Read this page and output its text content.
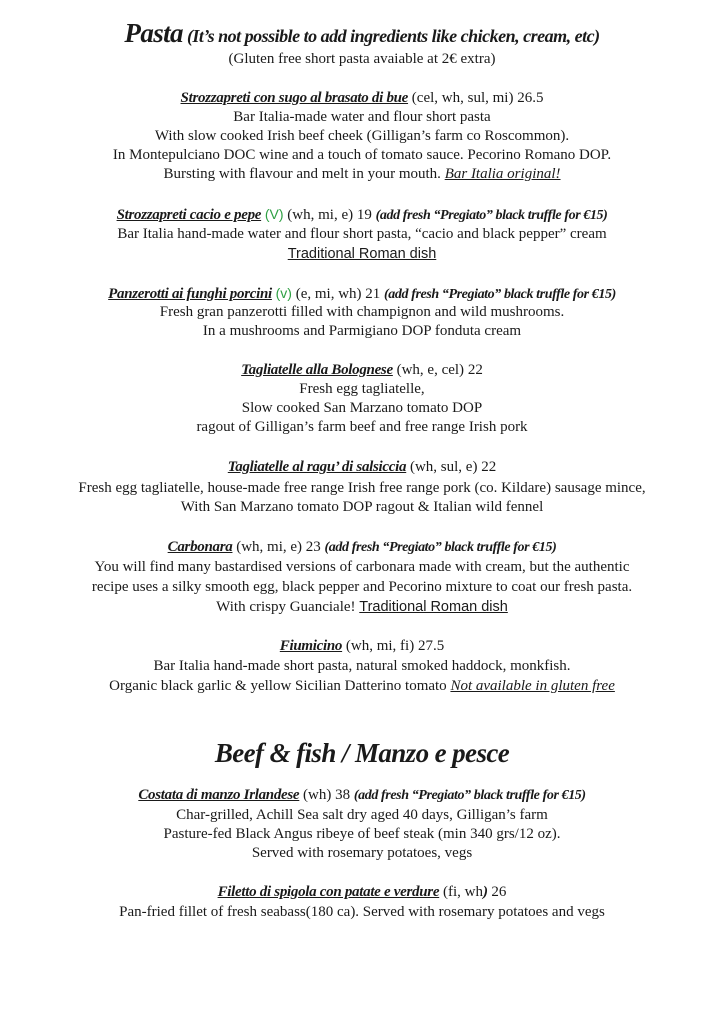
Pasta (It’s not possible to add ingredients like chicken, cream, etc)
(Gluten free short pasta avaiable at 2€ extra)
Strozzapreti con sugo al brasato di bue (cel, wh, sul, mi) 26.5
Bar Italia-made water and flour short pasta
With slow cooked Irish beef cheek (Gilligan’s farm co Roscommon).
In Montepulciano DOC wine and a touch of tomato sauce. Pecorino Romano DOP.
Bursting with flavour and melt in your mouth. Bar Italia original!
Strozzapreti cacio e pepe (V) (wh, mi, e) 19 (add fresh “Pregiato” black truffle for €15)
Bar Italia hand-made water and flour short pasta, “cacio and black pepper” cream
Traditional Roman dish
Panzerotti ai funghi porcini (v) (e, mi, wh) 21 (add fresh “Pregiato” black truffle for €15)
Fresh gran panzerotti filled with champignon and wild mushrooms.
In a mushrooms and Parmigiano DOP fonduta cream
Tagliatelle alla Bolognese (wh, e, cel) 22
Fresh egg tagliatelle,
Slow cooked San Marzano tomato DOP
ragout of Gilligan’s farm beef and free range Irish pork
Tagliatelle al ragu’ di salsiccia (wh, sul, e) 22
Fresh egg tagliatelle, house-made free range Irish free range pork (co. Kildare) sausage mince,
With San Marzano tomato DOP ragout & Italian wild fennel
Carbonara (wh, mi, e) 23 (add fresh “Pregiato” black truffle for €15)
You will find many bastardised versions of carbonara made with cream, but the authentic
recipe uses a silky smooth egg, black pepper and Pecorino mixture to coat our fresh pasta.
With crispy Guanciale! Traditional Roman dish
Fiumicino (wh, mi, fi) 27.5
Bar Italia hand-made short pasta, natural smoked haddock, monkfish.
Organic black garlic & yellow Sicilian Datterino tomato Not available in gluten free
Beef & fish / Manzo e pesce
Costata di manzo Irlandese (wh) 38 (add fresh “Pregiato” black truffle for €15)
Char-grilled, Achill Sea salt dry aged 40 days, Gilligan’s farm
Pasture-fed Black Angus ribeye of beef steak (min 340 grs/12 oz).
Served with rosemary potatoes, vegs
Filetto di spigola con patate e verdure (fi, wh) 26
Pan-fried fillet of fresh seabass(180 ca). Served with rosemary potatoes and vegs
